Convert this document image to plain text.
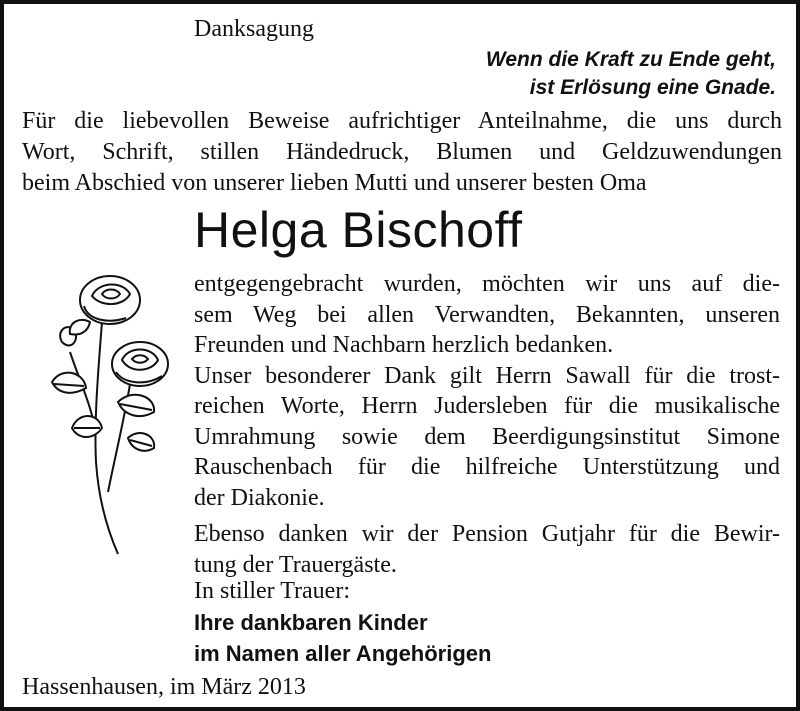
Danksagung

Wenn die Kraft zu Ende geht,
ist Erlösung eine Gnade.
Für die liebevollen Beweise aufrichtiger Anteilnahme, die uns durch
Wort, Schrift, stillen Händedruck, Blumen und Geldzuwendungen
beim Abschied von unserer lieben Mutti und unserer besten Oma

Helga Bischoff

entgegengebracht wurden, möchten wir uns auf die-
sem Weg bei allen Verwandten, Bekannten, unseren
Freunden und Nachbarn herzlich bedanken.
Unser besonderer Dank gilt Herrn Sawall für die trost-
reichen Worte, Herrn Judersleben für die musikalische
Umrahmung sowie dem Beerdigungsinstitut Simone
Rauschenbach für die hilfreiche Unterstützung und
der Diakonie.
Ebenso danken wir der Pension Gutjahr für die Bewir-
tung der Trauergäste.
In stiller Trauer:
Ihre dankbaren Kinder
im Namen aller Angehörigen

Hassenhausen, im März 2013
